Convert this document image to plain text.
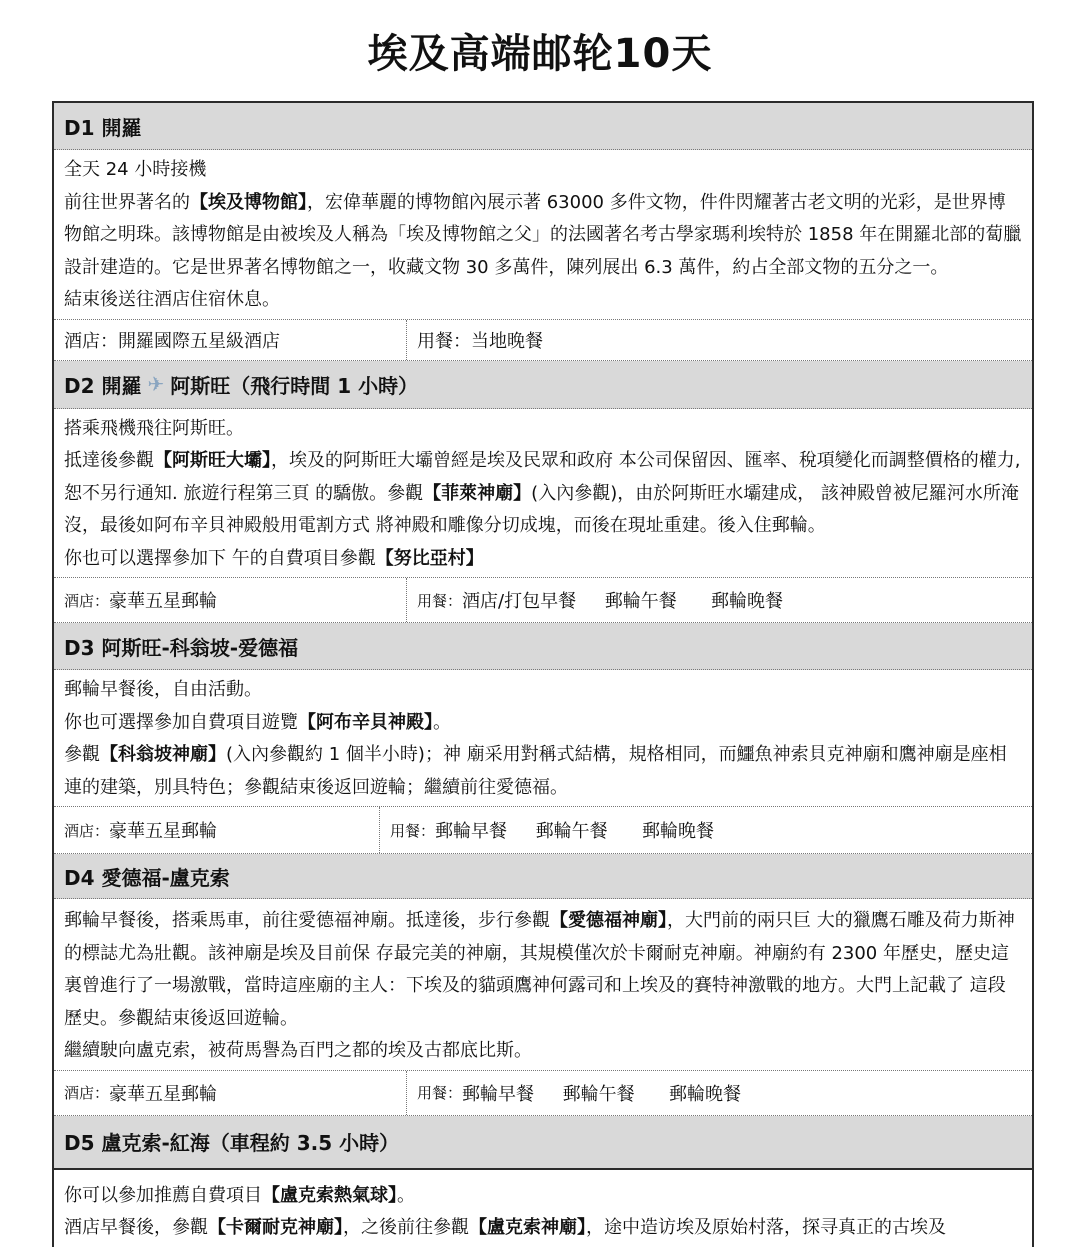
埃及高端邮轮10天
D1 開羅

全天 24 小時接機

前往世界著名的【埃及博物館】，宏偉華麗的博物館內展示著 63000 多件文物，件件閃耀著古老文明的光彩，是世界博物館之明珠。該博物館是由被埃及人稱為「埃及博物館之父」的法國著名考古學家瑪利埃特於 1858 年在開羅北部的蔔臘設計建造的。它是世界著名博物館之一，收藏文物 30 多萬件，陳列展出 6.3 萬件，約占全部文物的五分之一。

結束後送往酒店住宿休息。

酒店：開羅國際五星級酒店	用餐：当地晚餐
D2 開羅 ✈ 阿斯旺（飛行時間 1 小時）

搭乘飛機飛往阿斯旺。

抵達後參觀【阿斯旺大壩】，埃及的阿斯旺大壩曾經是埃及民眾和政府 本公司保留因、匯率、稅項變化而調整價格的權力,恕不另行通知. 旅遊行程第三頁 的驕傲。參觀【菲萊神廟】(入內參觀)，由於阿斯旺水壩建成， 該神殿曾被尼羅河水所淹沒，最後如阿布辛貝神殿般用電割方式 將神殿和雕像分切成塊，而後在現址重建。後入住郵輪。

你也可以選擇參加下 午的自費項目參觀【努比亞村】

酒店： 豪華五星郵輪	用餐： 酒店/打包早餐     郵輪午餐      郵輪晚餐
D3 阿斯旺-科翁坡-爱德福

郵輪早餐後，自由活動。

你也可選擇參加自費項目遊覽【阿布辛貝神殿】。

參觀【科翁坡神廟】(入內參觀約 1 個半小時)；神 廟采用對稱式結構，規格相同，而鱷魚神索貝克神廟和鷹神廟是座相連的建築，別具特色；參觀結束後返回遊輪；繼續前往愛德福。

酒店： 豪華五星郵輪	用餐： 郵輪早餐     郵輪午餐      郵輪晚餐
D4 愛德福-盧克索

郵輪早餐後，搭乘馬車，前往愛德福神廟。抵達後，步行參觀【愛德福神廟】，大門前的兩只巨 大的獵鷹石雕及荷力斯神的標誌尤為壯觀。該神廟是埃及目前保 存最完美的神廟，其規模僅次於卡爾耐克神廟。神廟約有 2300 年歷史，歷史這裏曾進行了一場激戰，當時這座廟的主人：下埃及的貓頭鷹神何露司和上埃及的賽特神激戰的地方。大門上記載了 這段歷史。參觀結束後返回遊輪。

繼續駛向盧克索，被荷馬譽為百門之都的埃及古都底比斯。

酒店： 豪華五星郵輪	用餐： 郵輪早餐     郵輪午餐      郵輪晚餐
D5 盧克索-紅海（車程約 3.5 小時）

你可以參加推薦自費項目【盧克索熱氣球】。

酒店早餐後，參觀【卡爾耐克神廟】，之後前往參觀【盧克索神廟】，途中造访埃及原始村落，探寻真正的古埃及
